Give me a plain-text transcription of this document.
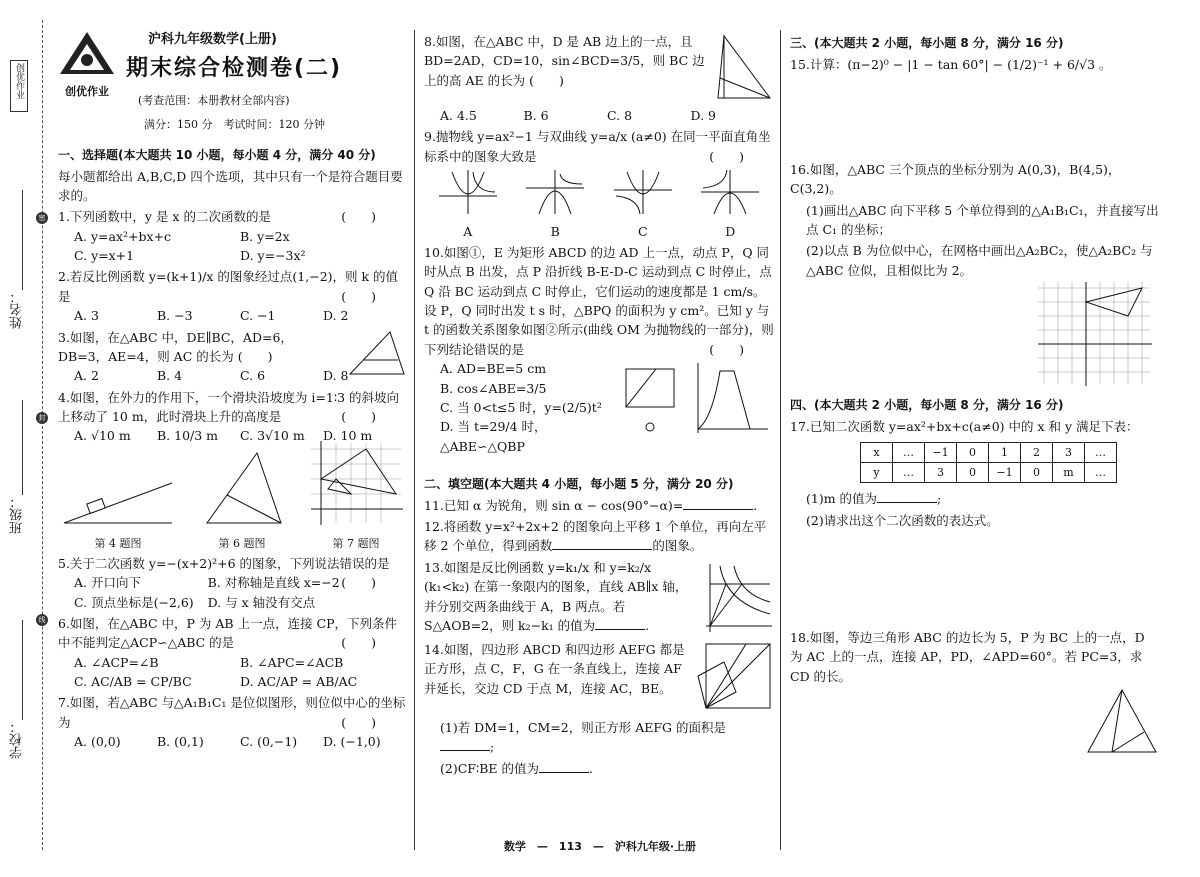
创优作业
姓名：
班级：
学校：
密
封
线
创优作业
沪科九年级数学(上册)
期末综合检测卷(二)
(考查范围：本册教材全部内容)
满分：150 分　考试时间：120 分钟
一、选择题(本大题共 10 小题，每小题 4 分，满分 40 分)
每小题都给出 A,B,C,D 四个选项，其中只有一个是符合题目要求的。
1.下列函数中，y 是 x 的二次函数的是	(　　)
A. y=ax²+bx+c	B. y=2x
C. y=x+1	D. y=−3x²
2.若反比例函数 y=(k+1)/x 的图象经过点(1,−2)，则 k 的值是	(　　)
A. 3	B. −3	C. −1	D. 2
3.如图，在△ABC 中，DE∥BC，AD=6，DB=3，AE=4，则 AC 的长为 (　　)
A. 2	B. 4	C. 6	D. 8
4.如图，在外力的作用下，一个滑块沿坡度为 i=1∶3 的斜坡向上移动了 10 m，此时滑块上升的高度是	(　　)
A. √10 m	B. 10/3 m	C. 3√10 m	D. 10 m
第 4 题图	第 6 题图	第 7 题图
5.关于二次函数 y=−(x+2)²+6 的图象，下列说法错误的是
(　　)
A. 开口向下	B. 对称轴是直线 x=−2
C. 顶点坐标是(−2,6)	D. 与 x 轴没有交点
6.如图，在△ABC 中，P 为 AB 上一点，连接 CP，下列条件中不能判定△ACP∽△ABC 的是	(　　)
A. ∠ACP=∠B	B. ∠APC=∠ACB
C. AC/AB = CP/BC	D. AC/AP = AB/AC
7.如图，若△ABC 与△A₁B₁C₁ 是位似图形，则位似中心的坐标为	(　　)
A. (0,0)	B. (0,1)	C. (0,−1)	D. (−1,0)
8.如图，在△ABC 中，D 是 AB 边上的一点，且 BD=2AD，CD=10，sin∠BCD=3/5，则 BC 边上的高 AE 的长为 (　　)
A. 4.5	B. 6	C. 8	D. 9
9.抛物线 y=ax²−1 与双曲线 y=a/x (a≠0) 在同一平面直角坐标系中的图象大致是	(　　)
A	B	C	D
10.如图①，E 为矩形 ABCD 的边 AD 上一点，动点 P，Q 同时从点 B 出发，点 P 沿折线 B-E-D-C 运动到点 C 时停止，点 Q 沿 BC 运动到点 C 时停止，它们运动的速度都是 1 cm/s。设 P，Q 同时出发 t s 时，△BPQ 的面积为 y cm²。已知 y 与 t 的函数关系图象如图②所示(曲线 OM 为抛物线的一部分)，则下列结论错误的是	(　　)
A. AD=BE=5 cm
B. cos∠ABE=3/5
C. 当 0<t≤5 时，y=(2/5)t²
D. 当 t=29/4 时，△ABE∽△QBP
二、填空题(本大题共 4 小题，每小题 5 分，满分 20 分)
11.已知 α 为锐角，则 sin α − cos(90°−α)=	.
12.将函数 y=x²+2x+2 的图象向上平移 1 个单位，再向左平移 2 个单位，得到函数	的图象。
13.如图是反比例函数 y=k₁/x 和 y=k₂/x (k₁<k₂) 在第一象限内的图象，直线 AB∥x 轴，并分别交两条曲线于 A，B 两点。若 S△AOB=2，则 k₂−k₁ 的值为	.
14.如图，四边形 ABCD 和四边形 AEFG 都是正方形，点 C，F，G 在一条直线上，连接 AF 并延长，交边 CD 于点 M，连接 AC，BE。
(1)若 DM=1，CM=2，则正方形 AEFG 的面积是;
(2)CF∶BE 的值为	.
三、(本大题共 2 小题，每小题 8 分，满分 16 分)
15.计算：(π−2)⁰ − |1 − tan 60°| − (1/2)⁻¹ + 6/√3 。
16.如图，△ABC 三个顶点的坐标分别为 A(0,3)，B(4,5)，C(3,2)。
(1)画出△ABC 向下平移 5 个单位得到的△A₁B₁C₁，并直接写出点 C₁ 的坐标；
(2)以点 B 为位似中心，在网格中画出△A₂BC₂，使△A₂BC₂ 与△ABC 位似，且相似比为 2。
四、(本大题共 2 小题，每小题 8 分，满分 16 分)
17.已知二次函数 y=ax²+bx+c(a≠0) 中的 x 和 y 满足下表：
x	…	−1	0	1	2	3	…
y	…	3	0	−1	0	m	…
(1)m 的值为	;
(2)请求出这个二次函数的表达式。
18.如图，等边三角形 ABC 的边长为 5，P 为 BC 上的一点，D 为 AC 上的一点，连接 AP，PD，∠APD=60°。若 PC=3，求 CD 的长。
数学　—　113　—　沪科九年级·上册
